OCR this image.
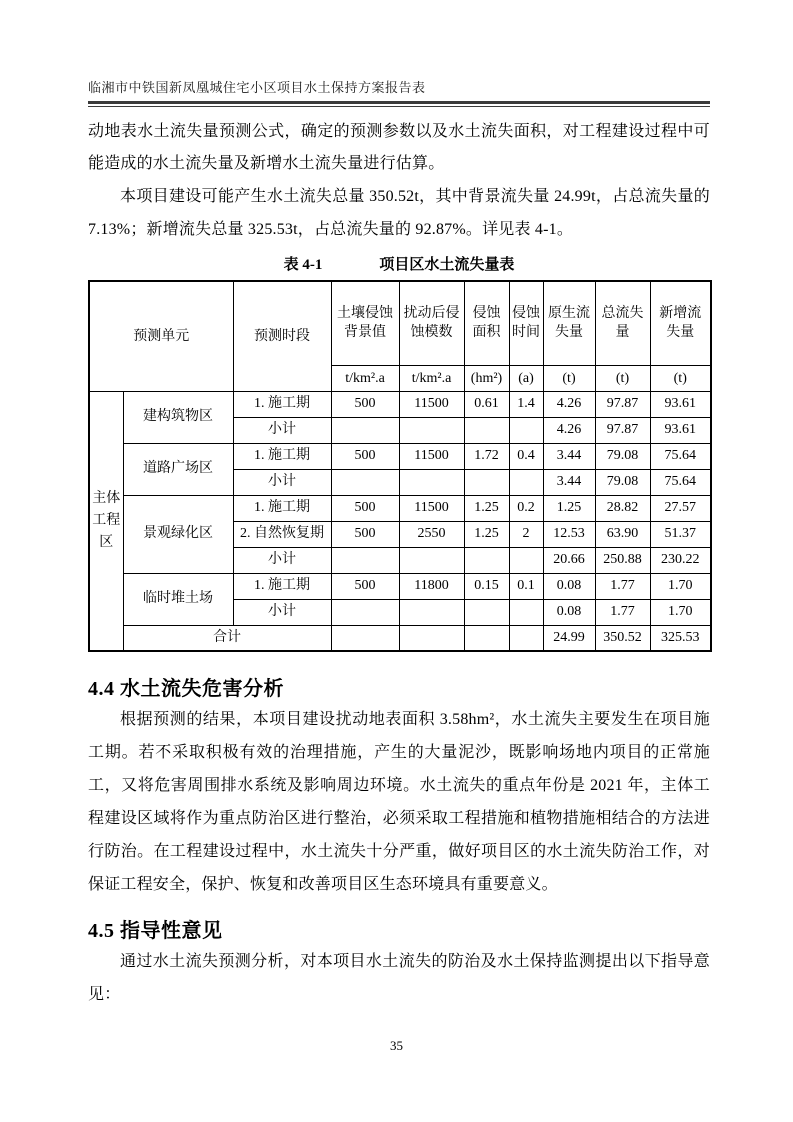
临湘市中铁国新凤凰城住宅小区项目水土保持方案报告表

动地表水土流失量预测公式，确定的预测参数以及水土流失面积，对工程建设过程中可能造成的水土流失量及新增水土流失量进行估算。

本项目建设可能产生水土流失总量 350.52t，其中背景流失量 24.99t，占总流失量的 7.13%；新增流失总量 325.53t，占总流失量的 92.87%。详见表 4-1。

表 4-1	项目区水土流失量表
预测单元		预测时段	土壤侵蚀背景值	扰动后侵蚀模数	侵蚀面积	侵蚀时间	原生流失量	总流失量	新增流失量
			t/km².a	t/km².a	(hm²)	(a)	(t)	(t)	(t)
主体工程区	建构筑物区	1. 施工期	500	11500	0.61	1.4	4.26	97.87	93.61
		小计					4.26	97.87	93.61
	道路广场区	1. 施工期	500	11500	1.72	0.4	3.44	79.08	75.64
		小计					3.44	79.08	75.64
	景观绿化区	1. 施工期	500	11500	1.25	0.2	1.25	28.82	27.57
		2. 自然恢复期	500	2550	1.25	2	12.53	63.90	51.37
		小计					20.66	250.88	230.22
	临时堆土场	1. 施工期	500	11800	0.15	0.1	0.08	1.77	1.70
		小计					0.08	1.77	1.70
	合计						24.99	350.52	325.53
4.4 水土流失危害分析

根据预测的结果，本项目建设扰动地表面积 3.58hm²，水土流失主要发生在项目施工期。若不采取积极有效的治理措施，产生的大量泥沙，既影响场地内项目的正常施工，又将危害周围排水系统及影响周边环境。水土流失的重点年份是 2021 年，主体工程建设区域将作为重点防治区进行整治，必须采取工程措施和植物措施相结合的方法进行防治。在工程建设过程中，水土流失十分严重，做好项目区的水土流失防治工作，对保证工程安全，保护、恢复和改善项目区生态环境具有重要意义。

4.5 指导性意见

通过水土流失预测分析，对本项目水土流失的防治及水土保持监测提出以下指导意见：

35
